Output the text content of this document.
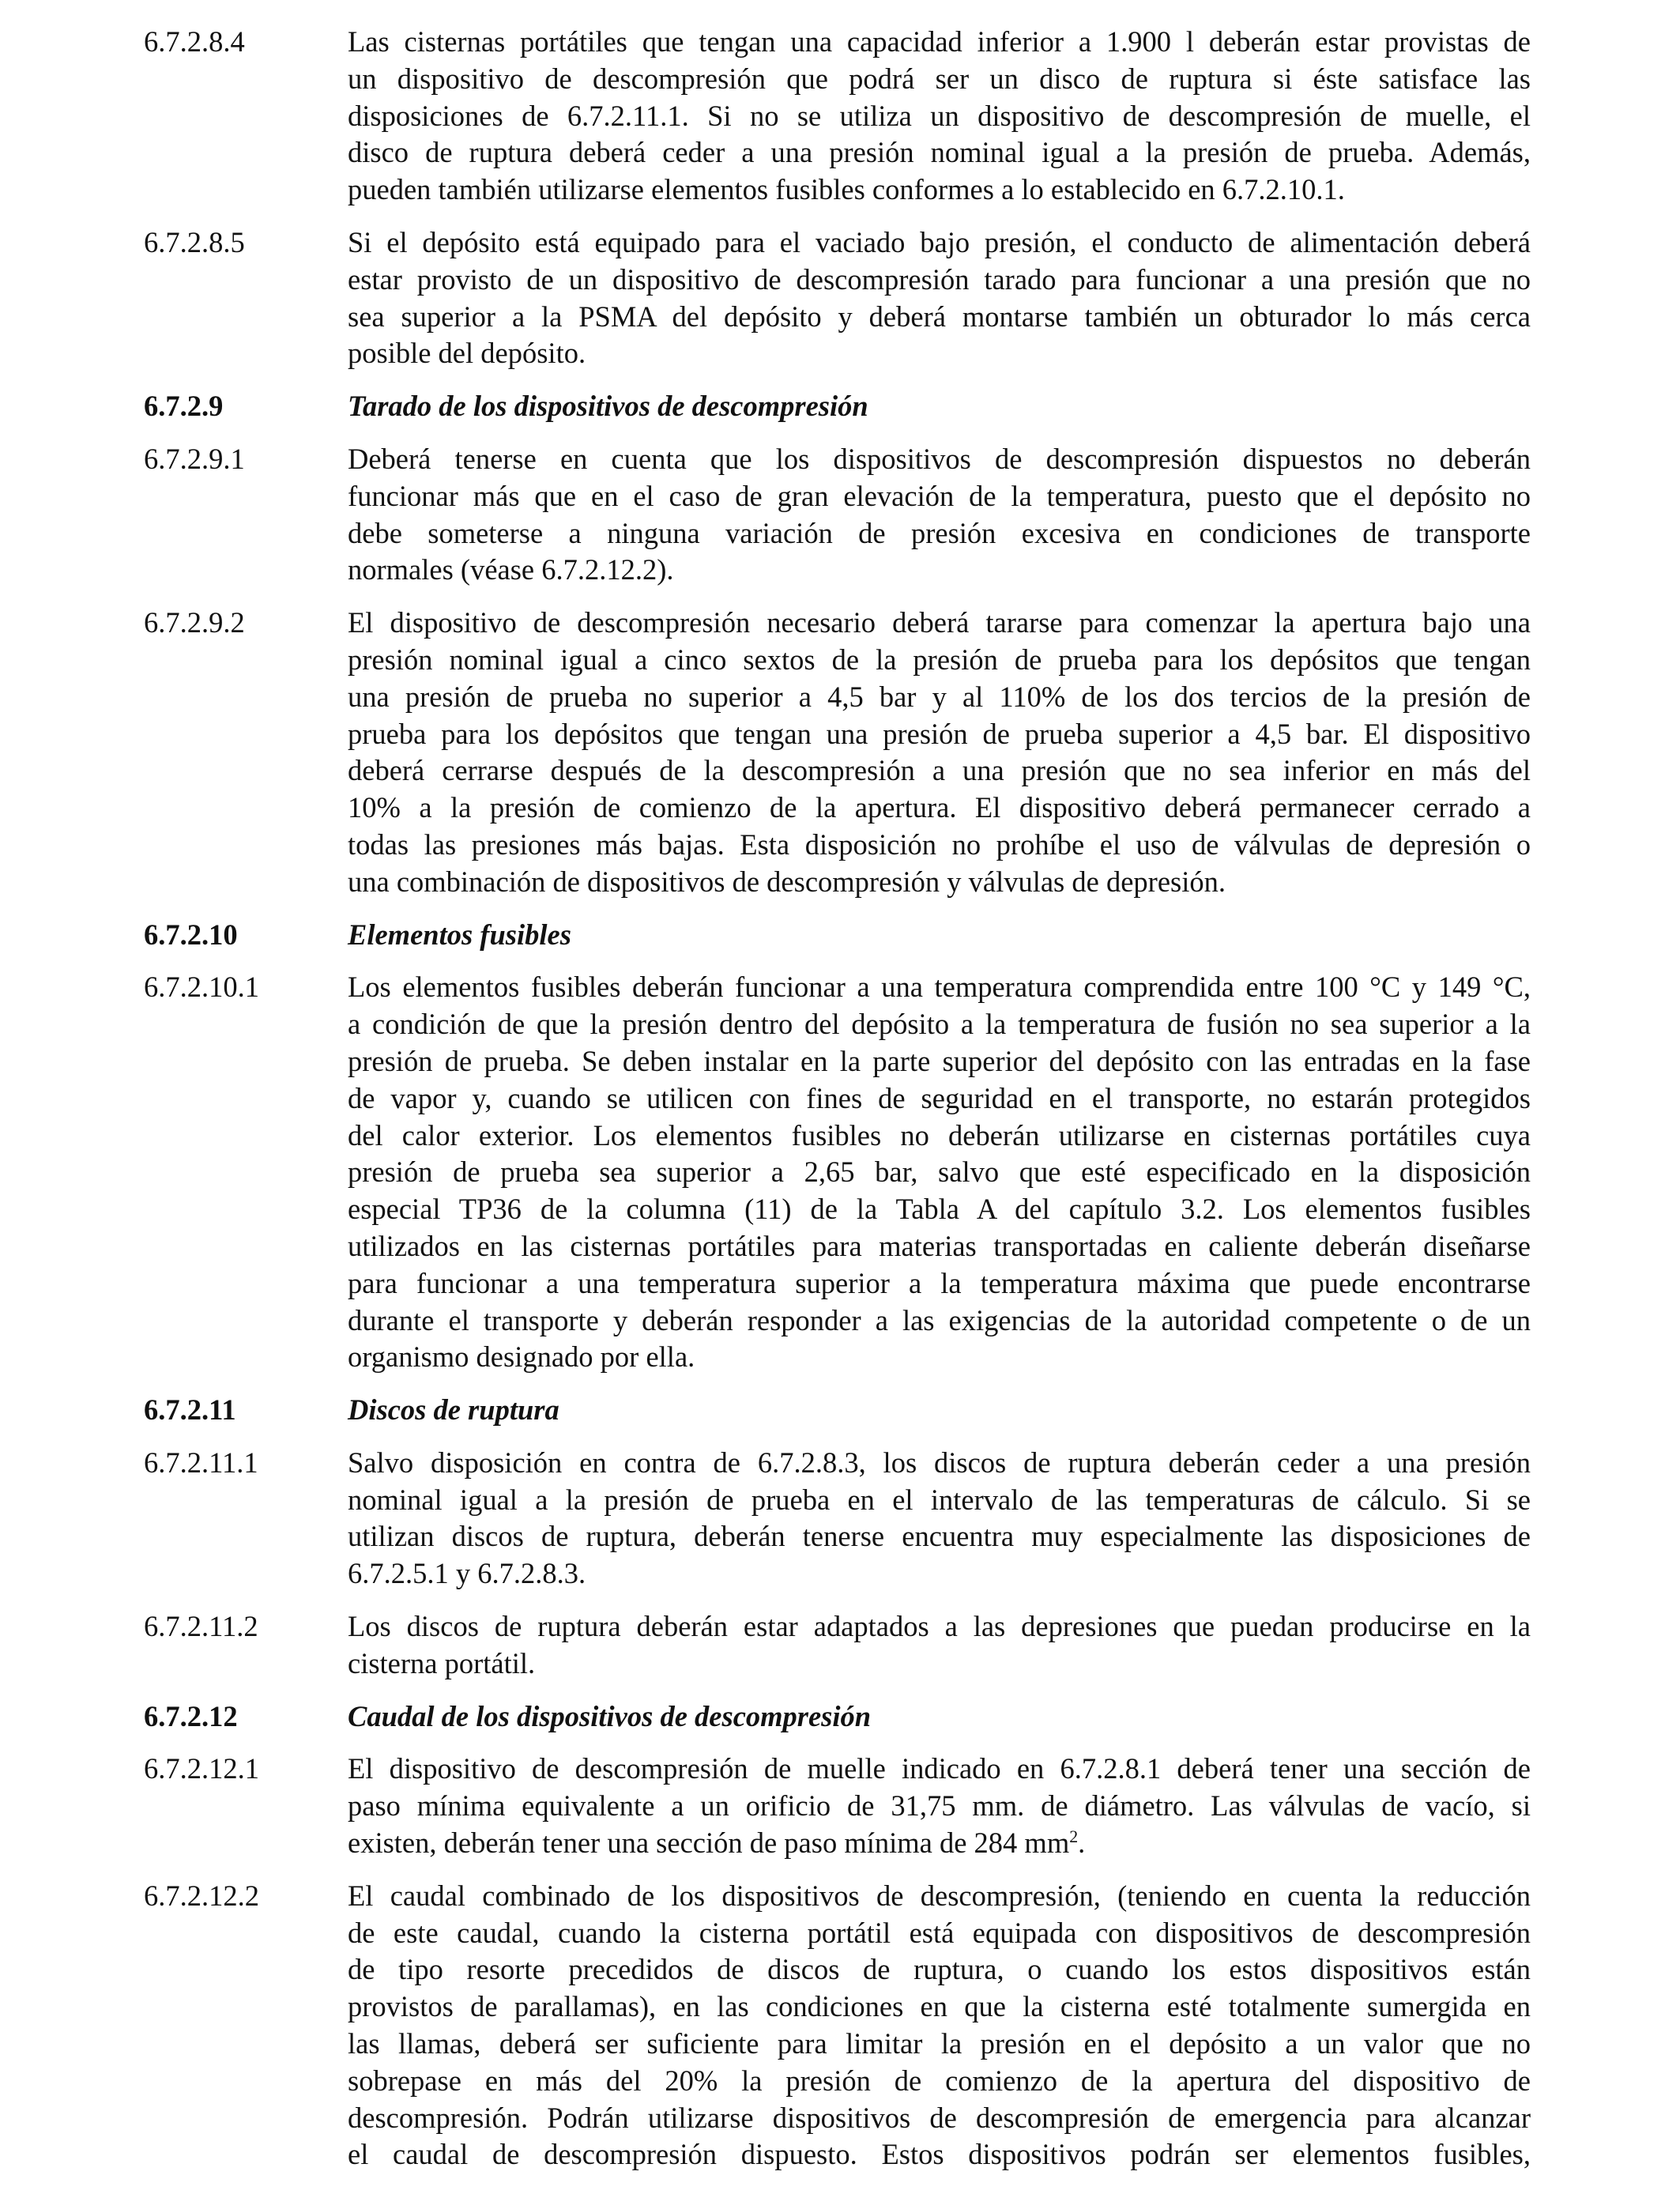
6.7.2.8.4	Las cisternas portátiles que tengan una capacidad inferior a 1.900 l deberán estar provistas de
un dispositivo de descompresión que podrá ser un disco de ruptura si éste satisface las
disposiciones de 6.7.2.11.1. Si no se utiliza un dispositivo de descompresión de muelle, el
disco de ruptura deberá ceder a una presión nominal igual a la presión de prueba. Además,
pueden también utilizarse elementos fusibles conformes a lo establecido en 6.7.2.10.1.
6.7.2.8.5	Si el depósito está equipado para el vaciado bajo presión, el conducto de alimentación deberá
estar provisto de un dispositivo de descompresión tarado para funcionar a una presión que no
sea superior a la PSMA del depósito y deberá montarse también un obturador lo más cerca
posible del depósito.
6.7.2.9	Tarado de los dispositivos de descompresión
6.7.2.9.1	Deberá tenerse en cuenta que los dispositivos de descompresión dispuestos no deberán
funcionar más que en el caso de gran elevación de la temperatura, puesto que el depósito no
debe someterse a ninguna variación de presión excesiva en condiciones de transporte
normales (véase 6.7.2.12.2).
6.7.2.9.2	El dispositivo de descompresión necesario deberá tararse para comenzar la apertura bajo una
presión nominal igual a cinco sextos de la presión de prueba para los depósitos que tengan
una presión de prueba no superior a 4,5 bar y al 110% de los dos tercios de la presión de
prueba para los depósitos que tengan una presión de prueba superior a 4,5 bar. El dispositivo
deberá cerrarse después de la descompresión a una presión que no sea inferior en más del
10% a la presión de comienzo de la apertura. El dispositivo deberá permanecer cerrado a
todas las presiones más bajas. Esta disposición no prohíbe el uso de válvulas de depresión o
una combinación de dispositivos de descompresión y válvulas de depresión.
6.7.2.10	Elementos fusibles
6.7.2.10.1	Los elementos fusibles deberán funcionar a una temperatura comprendida entre 100 °C y 149 °C,
a condición de que la presión dentro del depósito a la temperatura de fusión no sea superior a la
presión de prueba. Se deben instalar en la parte superior del depósito con las entradas en la fase
de vapor y, cuando se utilicen con fines de seguridad en el transporte, no estarán protegidos
del calor exterior. Los elementos fusibles no deberán utilizarse en cisternas portátiles cuya
presión de prueba sea superior a 2,65 bar, salvo que esté especificado en la disposición
especial TP36 de la columna (11) de la Tabla A del capítulo 3.2. Los elementos fusibles
utilizados en las cisternas portátiles para materias transportadas en caliente deberán diseñarse
para funcionar a una temperatura superior a la temperatura máxima que puede encontrarse
durante el transporte y deberán responder a las exigencias de la autoridad competente o de un
organismo designado por ella.
6.7.2.11	Discos de ruptura
6.7.2.11.1	Salvo disposición en contra de 6.7.2.8.3, los discos de ruptura deberán ceder a una presión
nominal igual a la presión de prueba en el intervalo de las temperaturas de cálculo. Si se
utilizan discos de ruptura, deberán tenerse encuentra muy especialmente las disposiciones de
6.7.2.5.1 y 6.7.2.8.3.
6.7.2.11.2	Los discos de ruptura deberán estar adaptados a las depresiones que puedan producirse en la
cisterna portátil.
6.7.2.12	Caudal de los dispositivos de descompresión
6.7.2.12.1	El dispositivo de descompresión de muelle indicado en 6.7.2.8.1 deberá tener una sección de
paso mínima equivalente a un orificio de 31,75 mm. de diámetro. Las válvulas de vacío, si
existen, deberán tener una sección de paso mínima de 284 $mm^2$.
6.7.2.12.2	El caudal combinado de los dispositivos de descompresión, (teniendo en cuenta la reducción
de este caudal, cuando la cisterna portátil está equipada con dispositivos de descompresión
de tipo resorte precedidos de discos de ruptura, o cuando los estos dispositivos están
provistos de parallamas), en las condiciones en que la cisterna esté totalmente sumergida en
las llamas, deberá ser suficiente para limitar la presión en el depósito a un valor que no
sobrepase en más del 20% la presión de comienzo de la apertura del dispositivo de
descompresión. Podrán utilizarse dispositivos de descompresión de emergencia para alcanzar
el caudal de descompresión dispuesto. Estos dispositivos podrán ser elementos fusibles,
